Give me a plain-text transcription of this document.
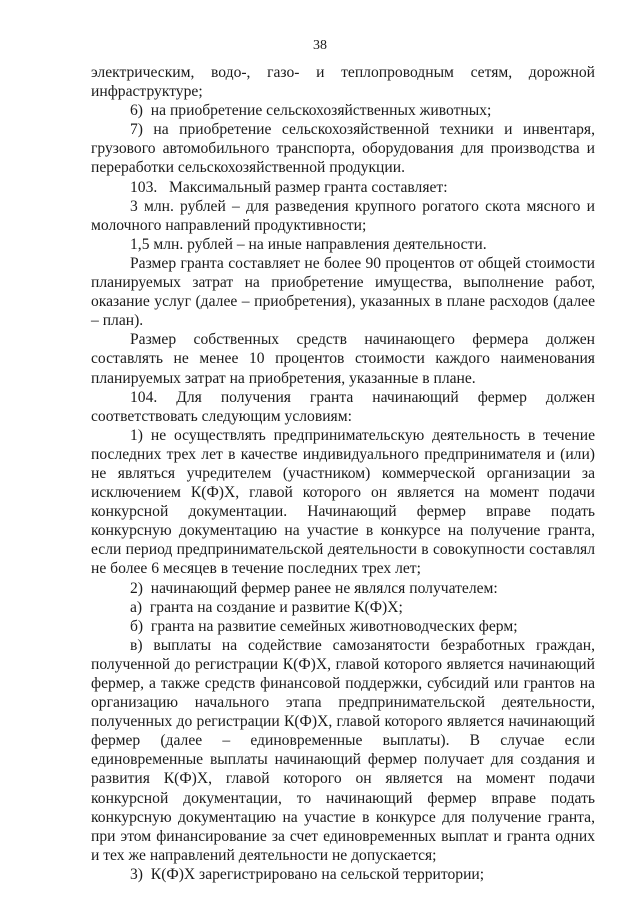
38

электрическим, водо-, газо- и теплопроводным сетям, дорожной инфраструктуре;

6)  на приобретение сельскохозяйственных животных;

7) на приобретение сельскохозяйственной техники и инвентаря, грузового автомобильного транспорта, оборудования для производства и переработки сельскохозяйственной продукции.

103.   Максимальный размер гранта составляет:

3 млн. рублей – для разведения крупного рогатого скота мясного и молочного направлений продуктивности;

1,5 млн. рублей – на иные направления деятельности.

Размер гранта составляет не более 90 процентов от общей стоимости планируемых затрат на приобретение имущества, выполнение работ, оказание услуг (далее – приобретения), указанных в плане расходов (далее – план).

Размер собственных средств начинающего фермера должен составлять не менее 10 процентов стоимости каждого наименования планируемых затрат на приобретения, указанные в плане.

104. Для получения гранта начинающий фермер должен соответствовать следующим условиям:

1) не осуществлять предпринимательскую деятельность в течение последних трех лет в качестве индивидуального предпринимателя и (или) не являться учредителем (участником) коммерческой организации за исключением К(Ф)Х, главой которого он является на момент подачи конкурсной документации. Начинающий фермер вправе подать конкурсную документацию на участие в конкурсе на получение гранта, если период предпринимательской деятельности в совокупности составлял не более 6 месяцев в течение последних трех лет;

2)  начинающий фермер ранее не являлся получателем:

а)  гранта на создание и развитие К(Ф)Х;

б)  гранта на развитие семейных животноводческих ферм;

в) выплаты на содействие самозанятости безработных граждан, полученной до регистрации К(Ф)Х, главой которого является начинающий фермер, а также средств финансовой поддержки, субсидий или грантов на организацию начального этапа предпринимательской деятельности, полученных до регистрации К(Ф)Х, главой которого является начинающий фермер (далее – единовременные выплаты). В случае если единовременные выплаты начинающий фермер получает для создания и развития К(Ф)Х, главой которого он является на момент подачи конкурсной документации, то начинающий фермер вправе подать конкурсную документацию на участие в конкурсе для получение гранта, при этом финансирование за счет единовременных выплат и гранта одних и тех же направлений деятельности не допускается;

3)  К(Ф)Х зарегистрировано на сельской территории;
